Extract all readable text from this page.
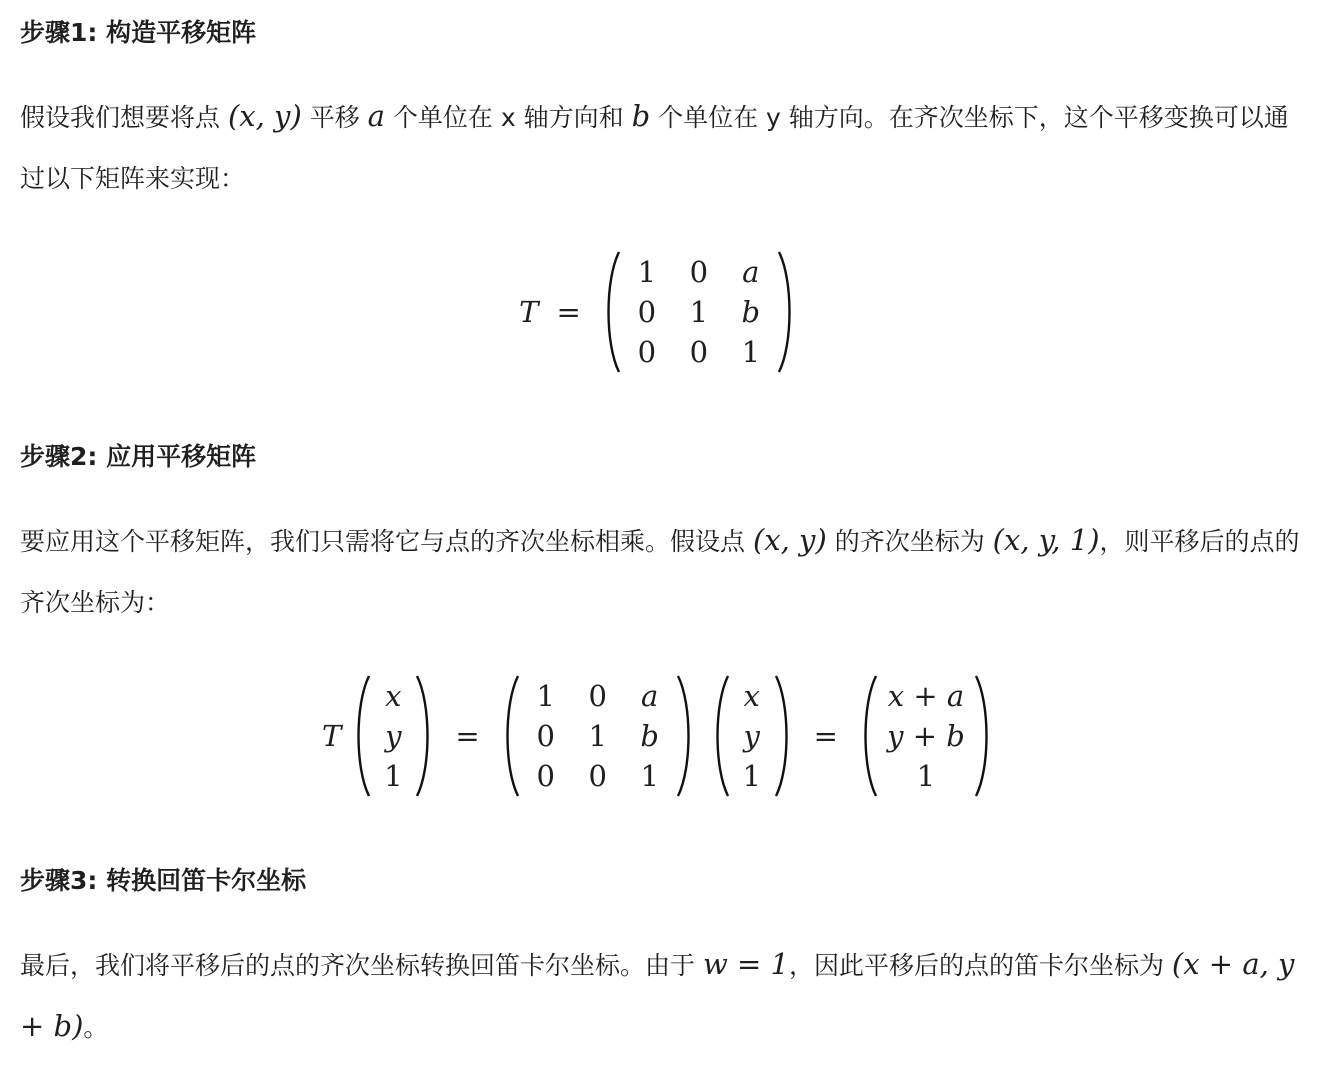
步骤1: 构造平移矩阵

假设我们想要将点 (x, y) 平移 a 个单位在 x 轴方向和 b 个单位在 y 轴方向。在齐次坐标下，这个平移变换可以通过以下矩阵来实现：

T =
1	0	a
0	1	b
0	0	1
步骤2: 应用平移矩阵

要应用这个平移矩阵，我们只需将它与点的齐次坐标相乘。假设点 (x, y) 的齐次坐标为 (x, y, 1)，则平移后的点的齐次坐标为：

T
x
y
1
=
1	0	a
0	1	b
0	0	1
x
y
1
=
x + a
y + b
1
步骤3: 转换回笛卡尔坐标

最后，我们将平移后的点的齐次坐标转换回笛卡尔坐标。由于 w = 1，因此平移后的点的笛卡尔坐标为 (x + a, y + b)。
